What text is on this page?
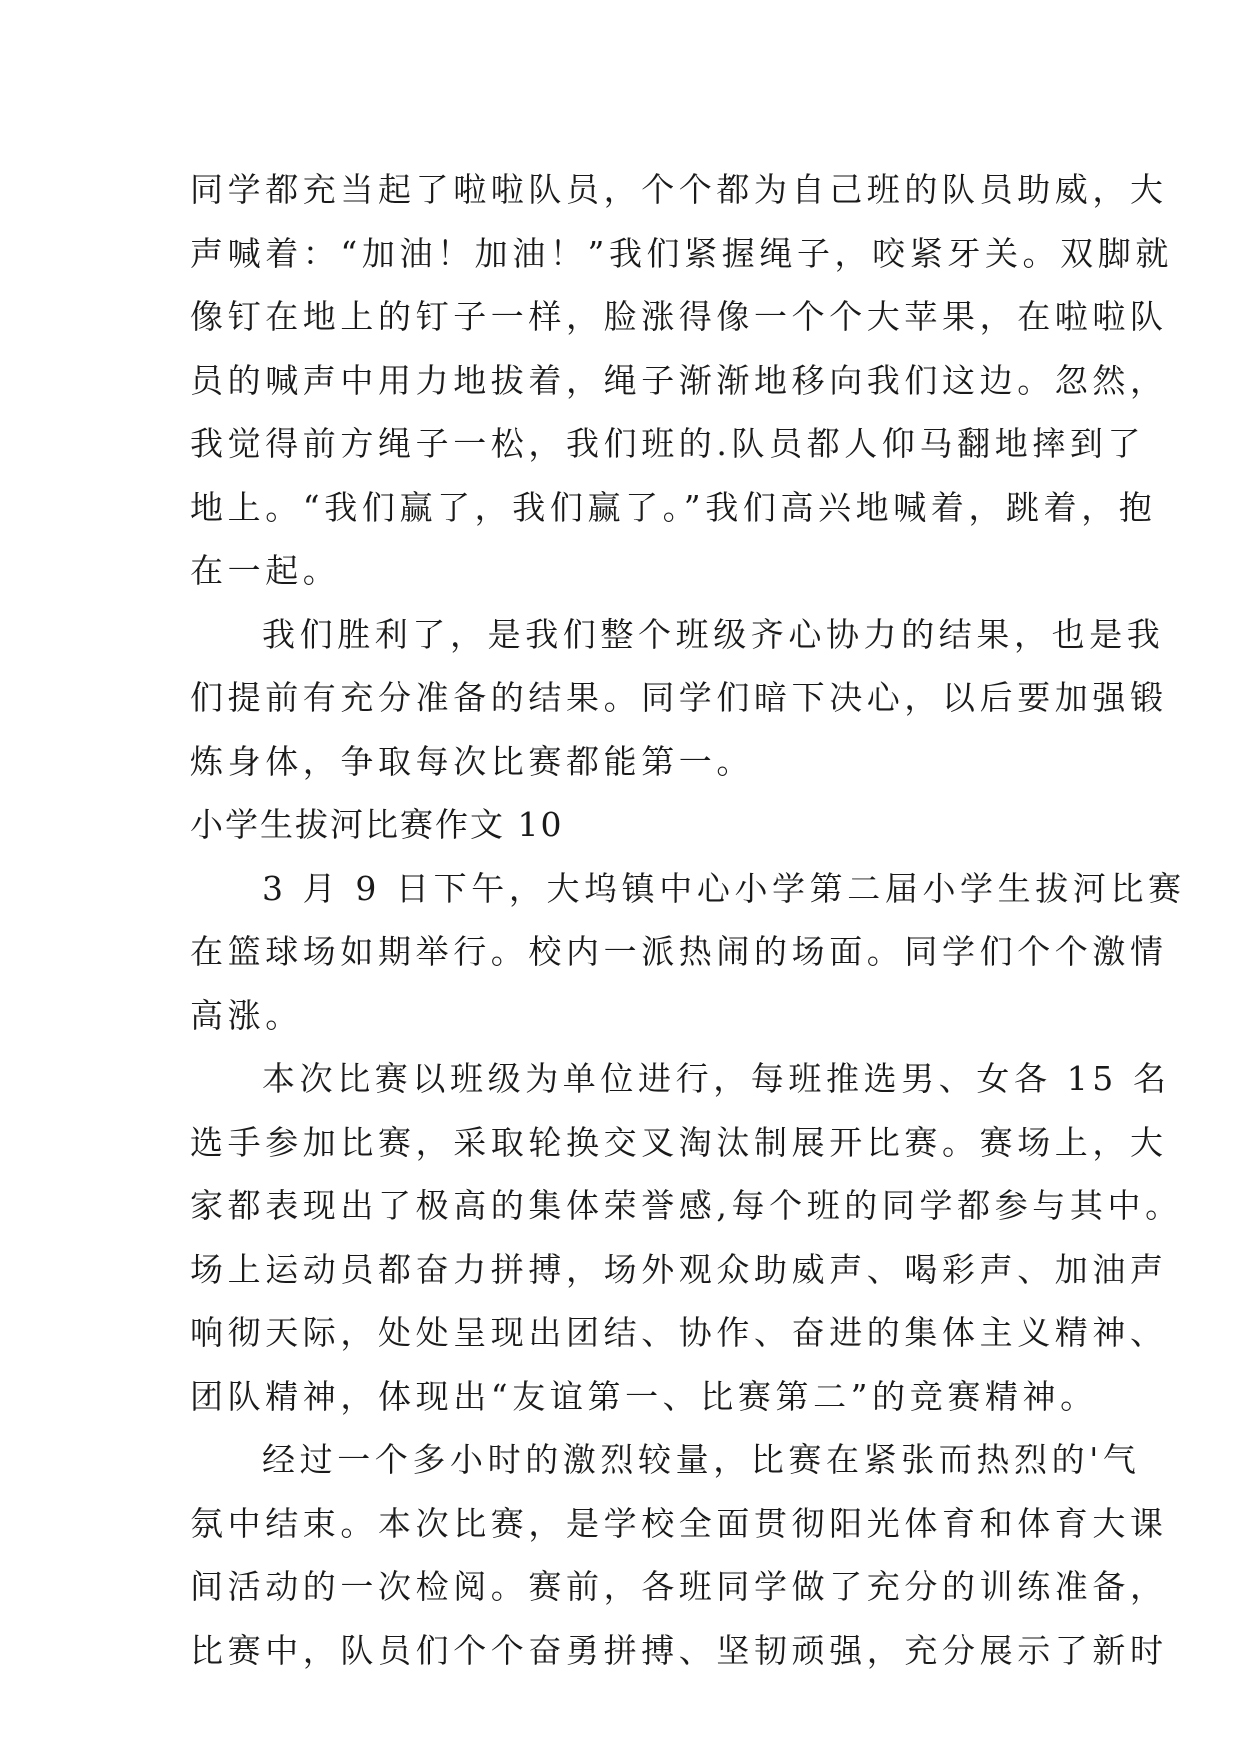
同学都充当起了啦啦队员，个个都为自己班的队员助威，大
声喊着：“加油！加油！”我们紧握绳子，咬紧牙关。双脚就
像钉在地上的钉子一样，脸涨得像一个个大苹果，在啦啦队
员的喊声中用力地拔着，绳子渐渐地移向我们这边。忽然，
我觉得前方绳子一松，我们班的.队员都人仰马翻地摔到了
地上。“我们赢了，我们赢了。”我们高兴地喊着，跳着，抱
在一起。
我们胜利了，是我们整个班级齐心协力的结果，也是我
们提前有充分准备的结果。同学们暗下决心，以后要加强锻
炼身体，争取每次比赛都能第一。
小学生拔河比赛作文 10
3 月 9 日下午，大坞镇中心小学第二届小学生拔河比赛
在篮球场如期举行。校内一派热闹的场面。同学们个个激情
高涨。
本次比赛以班级为单位进行，每班推选男、女各 15 名
选手参加比赛，采取轮换交叉淘汰制展开比赛。赛场上，大
家都表现出了极高的集体荣誉感,每个班的同学都参与其中。
场上运动员都奋力拼搏，场外观众助威声、喝彩声、加油声
响彻天际，处处呈现出团结、协作、奋进的集体主义精神、
团队精神，体现出“友谊第一、比赛第二”的竞赛精神。
经过一个多小时的激烈较量，比赛在紧张而热烈的'气
氛中结束。本次比赛，是学校全面贯彻阳光体育和体育大课
间活动的一次检阅。赛前，各班同学做了充分的训练准备，
比赛中，队员们个个奋勇拼搏、坚韧顽强，充分展示了新时
